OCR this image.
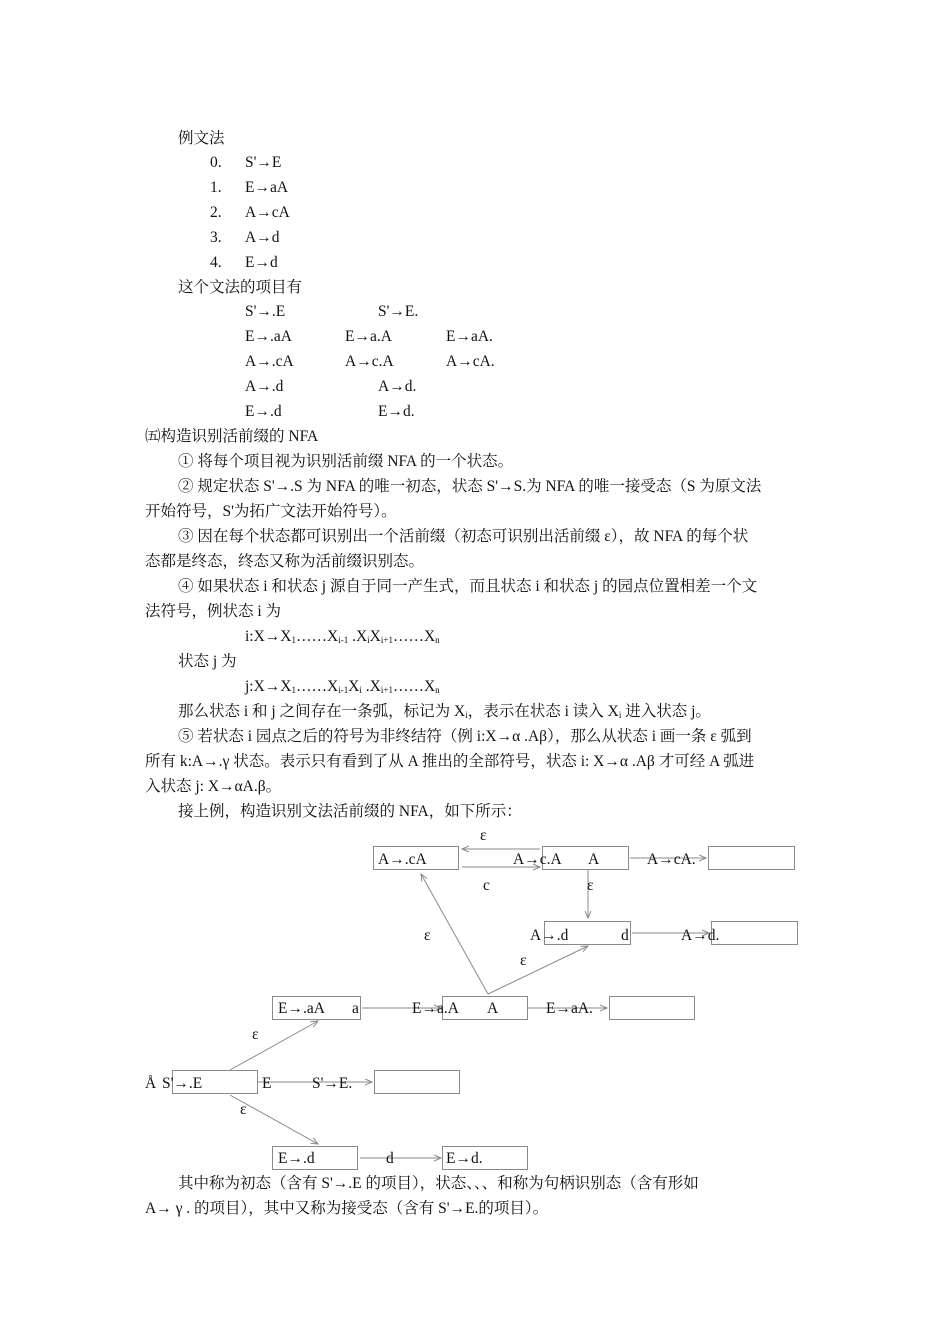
例文法
0. S'→E
1. E→aA
2. A→cA
3. A→d
4. E→d
这个文法的项目有
S'→.E	S'→E.
E→.aA	E→a.A	E→aA.
A→.cA	A→c.A	A→cA.
A→.d	A→d.
E→.d	E→d.
㈤构造识别活前缀的 NFA
① 将每个项目视为识别活前缀 NFA 的一个状态。
② 规定状态 S'→.S 为 NFA 的唯一初态，状态 S'→S.为 NFA 的唯一接受态（S 为原文法
开始符号，S'为拓广文法开始符号）。
③ 因在每个状态都可识别出一个活前缀（初态可识别出活前缀 ε），故 NFA 的每个状
态都是终态，终态又称为活前缀识别态。
④ 如果状态 i 和状态 j 源自于同一产生式，而且状态 i 和状态 j 的园点位置相差一个文
法符号，例状态 i 为
$i:X\to X_1\dots\dots X_{i-1}$ $.X_iX_{i+1}\dots\dots X_n$
状态 j 为
$j:X\to X_1\dots\dots X_{i-1}X_i$ $.X_{i+1}\dots\dots X_n$
那么状态 i 和 j 之间存在一条弧，标记为 $X_i$，表示在状态 i 读入 $X_i$ 进入状态 j。
⑤ 若状态 i 园点之后的符号为非终结符（例 i:X→α .Aβ），那么从状态 i 画一条 ε 弧到
所有 k:A→.γ 状态。表示只有看到了从 A 推出的全部符号，状态 i: X→α .Aβ 才可经 A 弧进
入状态 j: X→αA.β。
接上例，构造识别文法活前缀的 NFA，如下所示：
ε
A→.cA	A→c.A A	A→cA.
c	ε
ε	A→.d	d	A→d.
ε
E→.aA a	E→a.A A	E→aA.
ε
Å S'→.E	E	S'→E.
ε
E→.d	d	E→d.
其中称为初态（含有 S'→.E 的项目），状态、、、和称为句柄识别态（含有形如
A→ γ . 的项目），其中又称为接受态（含有 S'→E.的项目）。
